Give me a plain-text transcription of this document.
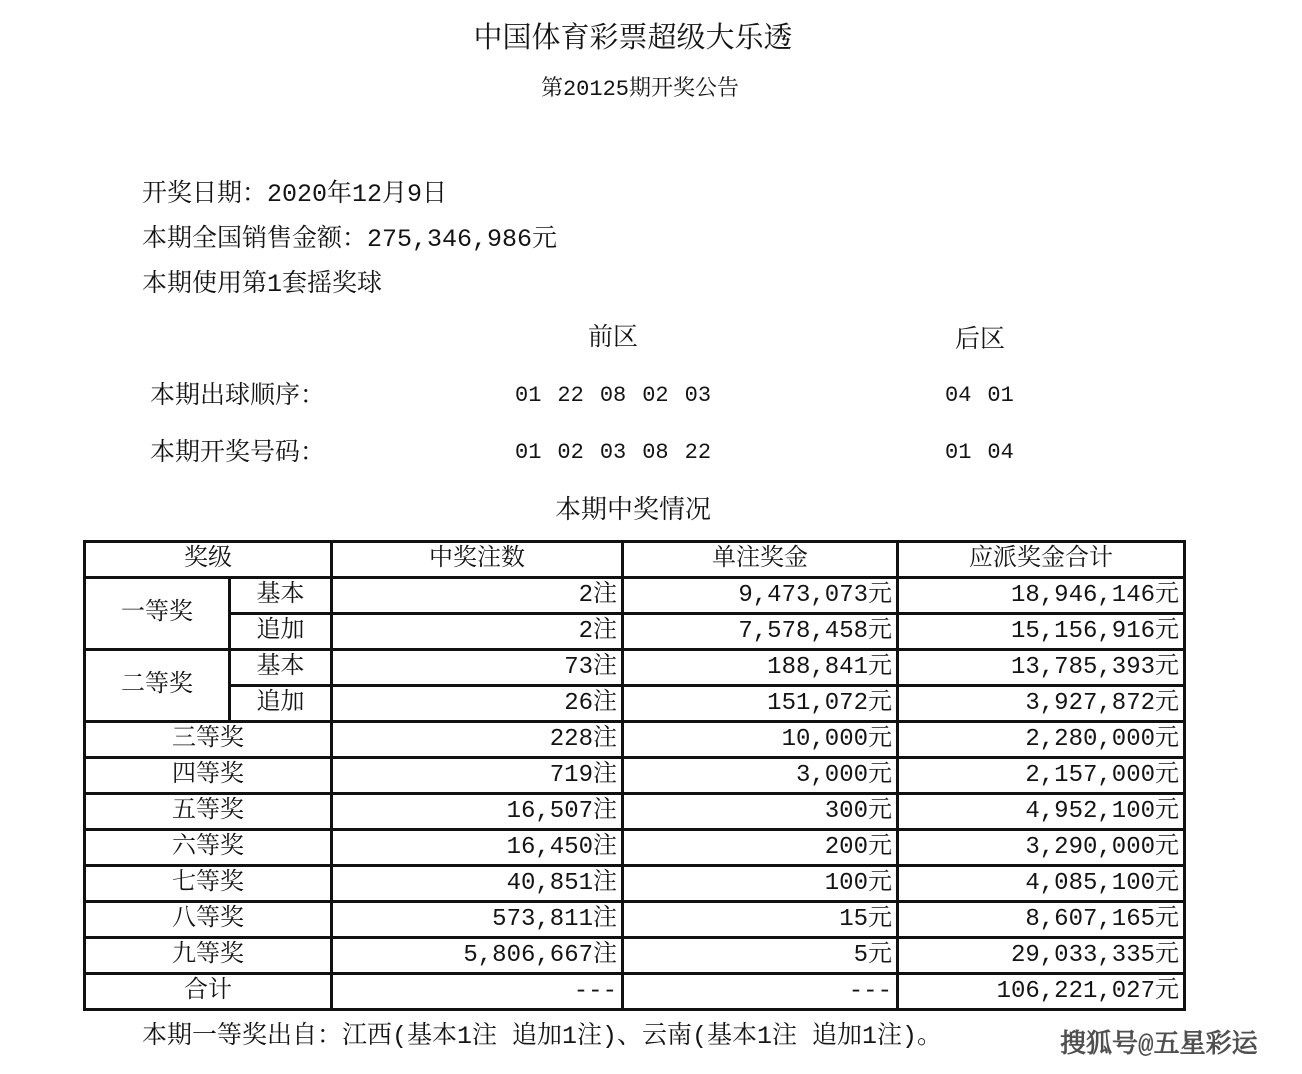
中国体育彩票超级大乐透
第20125期开奖公告
开奖日期：2020年12月9日
本期全国销售金额：275,346,986元
本期使用第1套摇奖球
前区	后区
本期出球顺序：	01 22 08 02 03	04 01
本期开奖号码：	01 02 03 08 22	01 04
本期中奖情况
奖级		中奖注数	单注奖金	应派奖金合计
一等奖	基本	2注	9,473,073元	18,946,146元
	追加	2注	7,578,458元	15,156,916元
二等奖	基本	73注	188,841元	13,785,393元
	追加	26注	151,072元	3,927,872元
三等奖		228注	10,000元	2,280,000元
四等奖		719注	3,000元	2,157,000元
五等奖		16,507注	300元	4,952,100元
六等奖		16,450注	200元	3,290,000元
七等奖		40,851注	100元	4,085,100元
八等奖		573,811注	15元	8,607,165元
九等奖		5,806,667注	5元	29,033,335元
合计		---	---	106,221,027元
本期一等奖出自：江西(基本1注 追加1注)、云南(基本1注 追加1注)。	搜狐号@五星彩运
